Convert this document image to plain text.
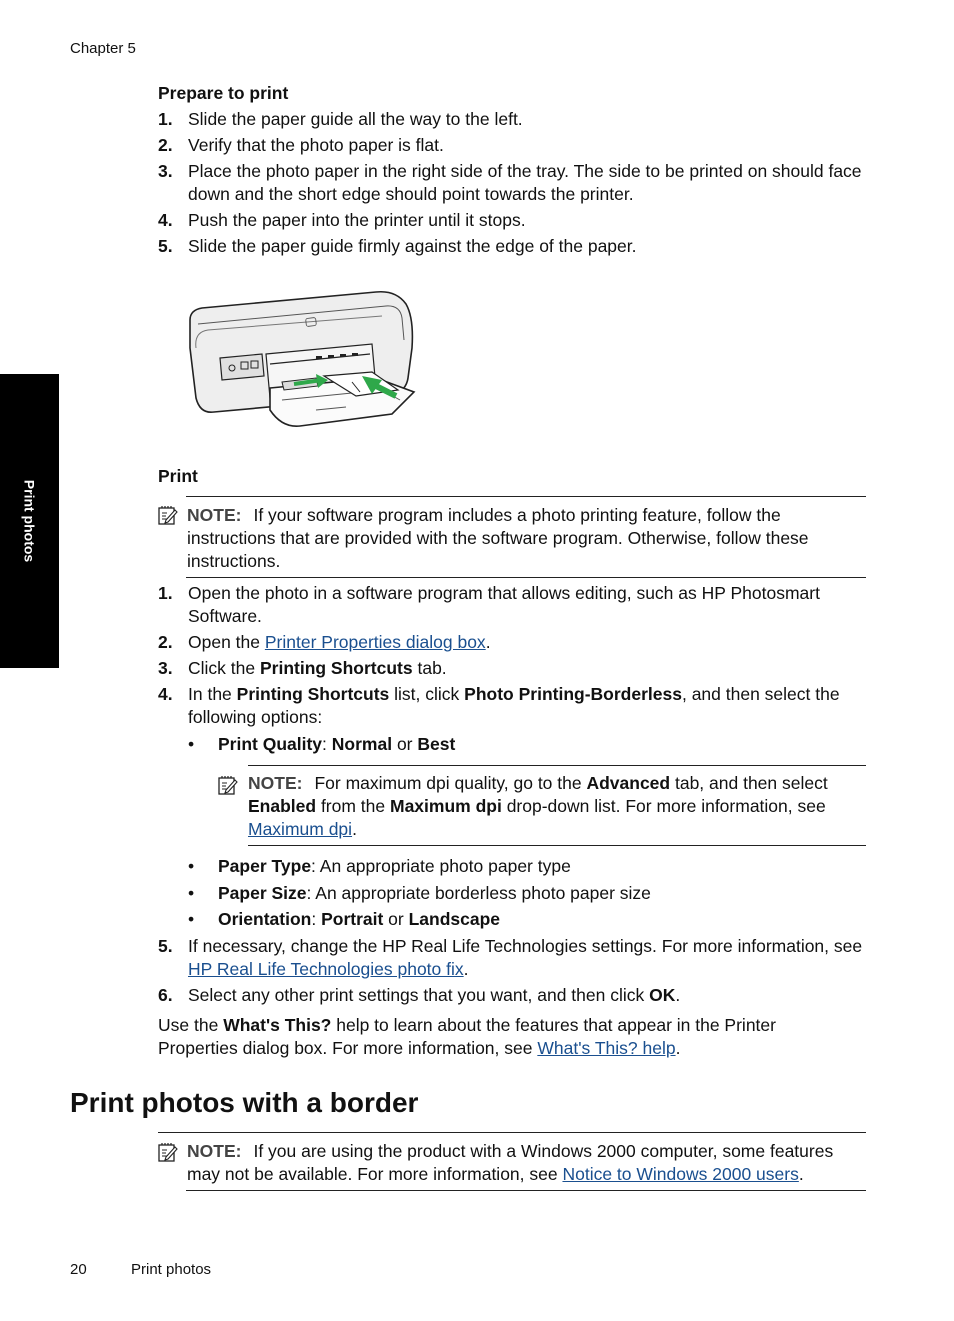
Chapter 5
Print photos
Prepare to print
1. Slide the paper guide all the way to the left.
2. Verify that the photo paper is flat.
3. Place the photo paper in the right side of the tray. The side to be printed on should face down and the short edge should point towards the printer.
4. Push the paper into the printer until it stops.
5. Slide the paper guide firmly against the edge of the paper.
Print
NOTE: If your software program includes a photo printing feature, follow the instructions that are provided with the software program. Otherwise, follow these instructions.
1. Open the photo in a software program that allows editing, such as HP Photosmart Software.
2. Open the Printer Properties dialog box.
3. Click the Printing Shortcuts tab.
4. In the Printing Shortcuts list, click Photo Printing-Borderless, and then select the following options:
• Print Quality: Normal or Best
NOTE: For maximum dpi quality, go to the Advanced tab, and then select Enabled from the Maximum dpi drop-down list. For more information, see Maximum dpi.
• Paper Type: An appropriate photo paper type
• Paper Size: An appropriate borderless photo paper size
• Orientation: Portrait or Landscape
5. If necessary, change the HP Real Life Technologies settings. For more information, see HP Real Life Technologies photo fix.
6. Select any other print settings that you want, and then click OK.
Use the What's This? help to learn about the features that appear in the Printer Properties dialog box. For more information, see What's This? help.
Print photos with a border
NOTE: If you are using the product with a Windows 2000 computer, some features may not be available. For more information, see Notice to Windows 2000 users.
20	Print photos
